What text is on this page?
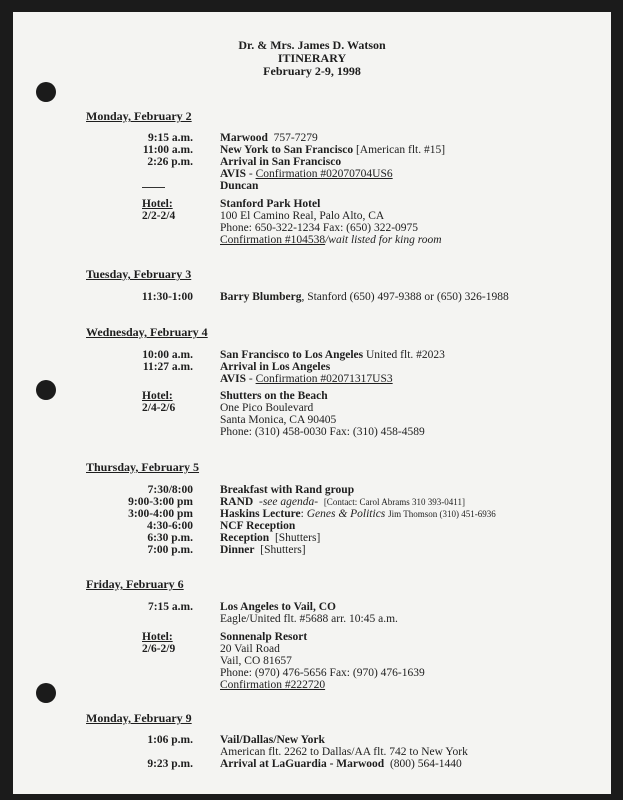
Dr. & Mrs. James D. Watson
ITINERARY
February 2-9, 1998
Monday, February 2
9:15 a.m.
11:00 a.m.
2:26 p.m.
Marwood 757-7279
New York to San Francisco [American flt. #15]
Arrival in San Francisco
AVIS - Confirmation #02070704US6
Duncan
Hotel:
2/2-2/4
Stanford Park Hotel
100 El Camino Real, Palo Alto, CA
Phone: 650-322-1234 Fax: (650) 322-0975
Confirmation #104538/wait listed for king room
Tuesday, February 3
11:30-1:00 Barry Blumberg, Stanford (650) 497-9388 or (650) 326-1988
Wednesday, February 4
10:00 a.m.
11:27 a.m.
San Francisco to Los Angeles United flt. #2023
Arrival in Los Angeles
AVIS - Confirmation #02071317US3
Hotel:
2/4-2/6
Shutters on the Beach
One Pico Boulevard
Santa Monica, CA 90405
Phone: (310) 458-0030 Fax: (310) 458-4589
Thursday, February 5
7:30/8:00
9:00-3:00 pm
3:00-4:00 pm
4:30-6:00
6:30 p.m.
7:00 p.m.
Breakfast with Rand group
RAND -see agenda- [Contact: Carol Abrams 310 393-0411]
Haskins Lecture: Genes & Politics Jim Thomson (310) 451-6936
NCF Reception
Reception [Shutters]
Dinner [Shutters]
Friday, February 6
7:15 a.m. Los Angeles to Vail, CO
Eagle/United flt. #5688 arr. 10:45 a.m.
Hotel:
2/6-2/9
Sonnenalp Resort
20 Vail Road
Vail, CO 81657
Phone: (970) 476-5656 Fax: (970) 476-1639
Confirmation #222720
Monday, February 9
1:06 p.m.
9:23 p.m.
Vail/Dallas/New York
American flt. 2262 to Dallas/AA flt. 742 to New York
Arrival at LaGuardia - Marwood (800) 564-1440
